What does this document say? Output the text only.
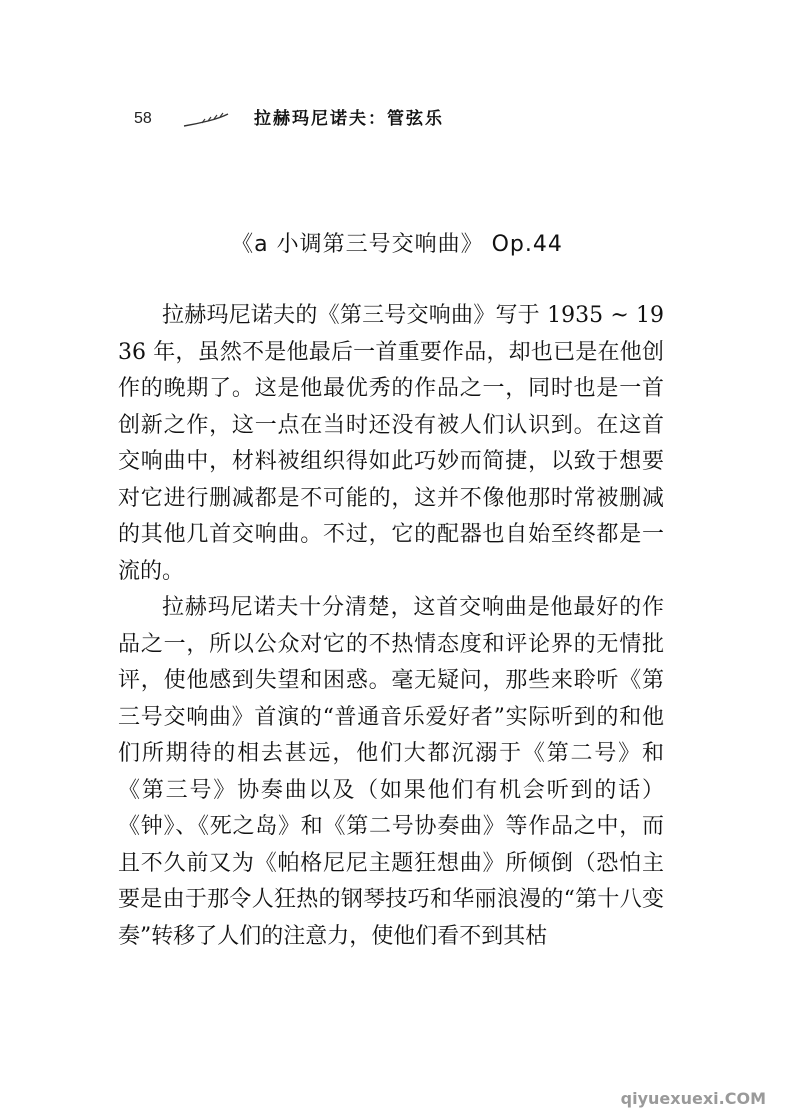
58	拉赫玛尼诺夫：管弦乐
《a 小调第三号交响曲》 Op.44

拉赫玛尼诺夫的《第三号交响曲》写于 1935 ~ 1936 年，虽然不是他最后一首重要作品，却也已是在他创作的晚期了。这是他最优秀的作品之一，同时也是一首创新之作，这一点在当时还没有被人们认识到。在这首交响曲中，材料被组织得如此巧妙而简捷，以致于想要对它进行删减都是不可能的，这并不像他那时常被删减的其他几首交响曲。不过，它的配器也自始至终都是一流的。

拉赫玛尼诺夫十分清楚，这首交响曲是他最好的作品之一，所以公众对它的不热情态度和评论界的无情批评，使他感到失望和困惑。毫无疑问，那些来聆听《第三号交响曲》首演的“普通音乐爱好者”实际听到的和他们所期待的相去甚远，他们大都沉溺于《第二号》和《第三号》协奏曲以及（如果他们有机会听到的话）《钟》、《死之岛》和《第二号协奏曲》等作品之中，而且不久前又为《帕格尼尼主题狂想曲》所倾倒（恐怕主要是由于那令人狂热的钢琴技巧和华丽浪漫的“第十八变奏”转移了人们的注意力，使他们看不到其枯

qiyuexuexi.COM
